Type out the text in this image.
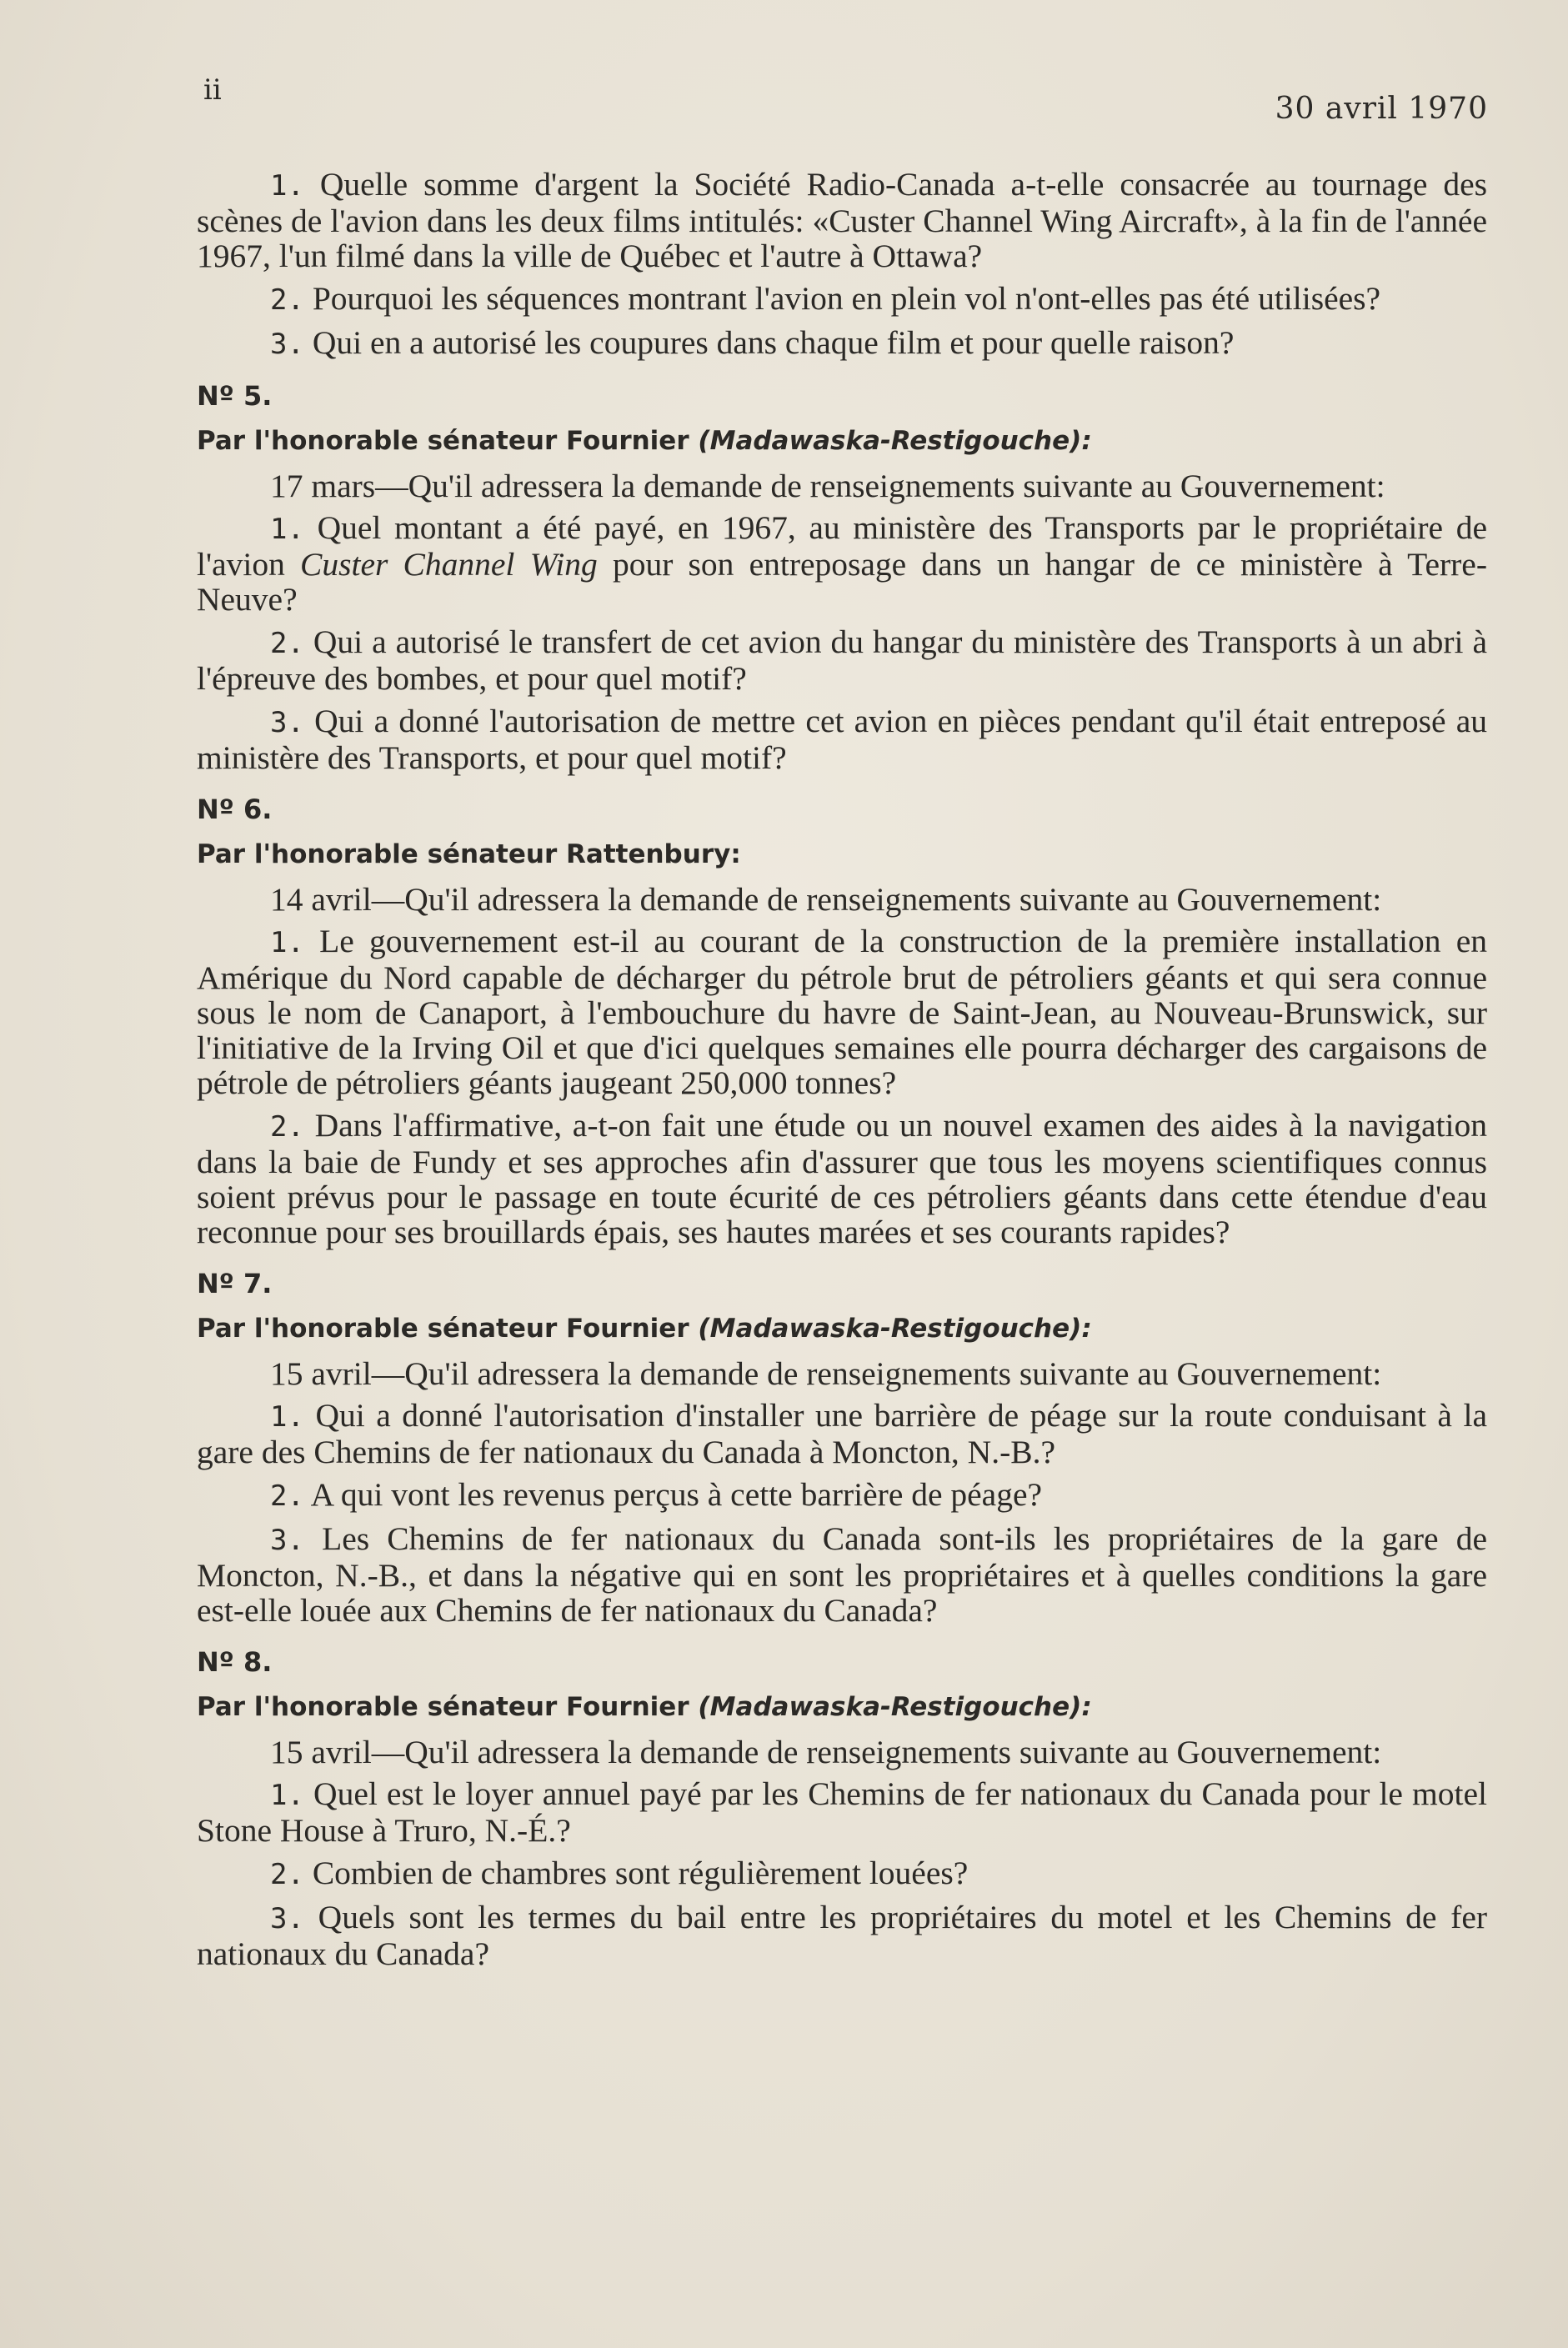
ii
30 avril 1970

1. Quelle somme d'argent la Société Radio-Canada a-t-elle consacrée au tournage des scènes de l'avion dans les deux films intitulés: «Custer Channel Wing Aircraft», à la fin de l'année 1967, l'un filmé dans la ville de Québec et l'autre à Ottawa?

2. Pourquoi les séquences montrant l'avion en plein vol n'ont-elles pas été utilisées?

3. Qui en a autorisé les coupures dans chaque film et pour quelle raison?

Nº 5.
Par l'honorable sénateur Fournier (Madawaska-Restigouche):

17 mars—Qu'il adressera la demande de renseignements suivante au Gouvernement:

1. Quel montant a été payé, en 1967, au ministère des Transports par le propriétaire de l'avion Custer Channel Wing pour son entreposage dans un hangar de ce ministère à Terre-Neuve?

2. Qui a autorisé le transfert de cet avion du hangar du ministère des Transports à un abri à l'épreuve des bombes, et pour quel motif?

3. Qui a donné l'autorisation de mettre cet avion en pièces pendant qu'il était entreposé au ministère des Transports, et pour quel motif?

Nº 6.
Par l'honorable sénateur Rattenbury:

14 avril—Qu'il adressera la demande de renseignements suivante au Gouvernement:

1. Le gouvernement est-il au courant de la construction de la première installation en Amérique du Nord capable de décharger du pétrole brut de pétroliers géants et qui sera connue sous le nom de Canaport, à l'embouchure du havre de Saint-Jean, au Nouveau-Brunswick, sur l'initiative de la Irving Oil et que d'ici quelques semaines elle pourra décharger des cargaisons de pétrole de pétroliers géants jaugeant 250,000 tonnes?

2. Dans l'affirmative, a-t-on fait une étude ou un nouvel examen des aides à la navigation dans la baie de Fundy et ses approches afin d'assurer que tous les moyens scientifiques connus soient prévus pour le passage en toute écurité de ces pétroliers géants dans cette étendue d'eau reconnue pour ses brouillards épais, ses hautes marées et ses courants rapides?

Nº 7.
Par l'honorable sénateur Fournier (Madawaska-Restigouche):

15 avril—Qu'il adressera la demande de renseignements suivante au Gouvernement:

1. Qui a donné l'autorisation d'installer une barrière de péage sur la route conduisant à la gare des Chemins de fer nationaux du Canada à Moncton, N.-B.?

2. A qui vont les revenus perçus à cette barrière de péage?

3. Les Chemins de fer nationaux du Canada sont-ils les propriétaires de la gare de Moncton, N.-B., et dans la négative qui en sont les propriétaires et à quelles conditions la gare est-elle louée aux Chemins de fer nationaux du Canada?

Nº 8.
Par l'honorable sénateur Fournier (Madawaska-Restigouche):

15 avril—Qu'il adressera la demande de renseignements suivante au Gouvernement:

1. Quel est le loyer annuel payé par les Chemins de fer nationaux du Canada pour le motel Stone House à Truro, N.-É.?

2. Combien de chambres sont régulièrement louées?

3. Quels sont les termes du bail entre les propriétaires du motel et les Chemins de fer nationaux du Canada?
